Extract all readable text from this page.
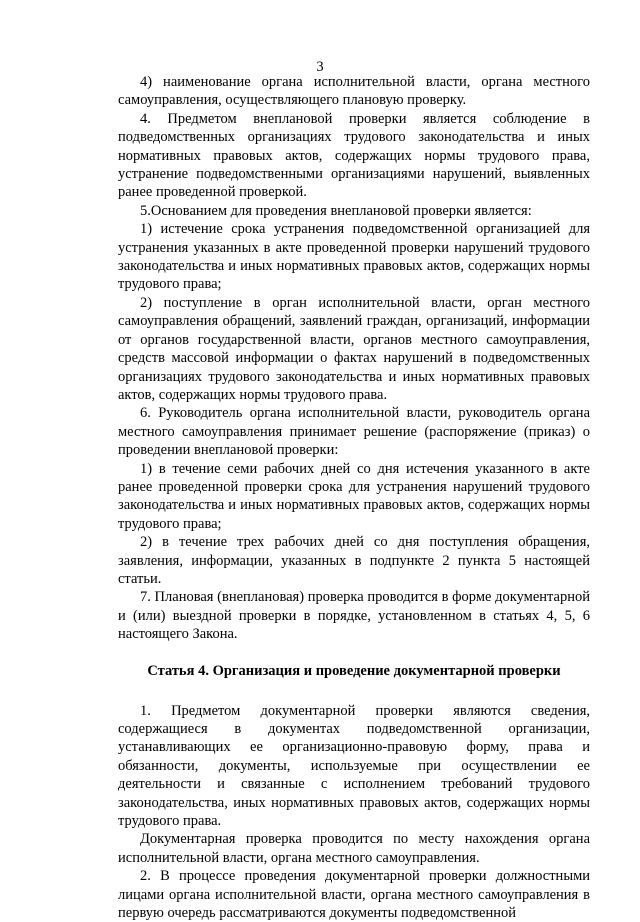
3

4) наименование органа исполнительной власти, органа местного самоуправления, осуществляющего плановую проверку.

4. Предметом внеплановой проверки является соблюдение в подведомственных организациях трудового законодательства и иных нормативных правовых актов, содержащих нормы трудового права, устранение подведомственными организациями нарушений, выявленных ранее проведенной проверкой.

5.Основанием для проведения внеплановой проверки является:

1) истечение срока устранения подведомственной организацией для устранения указанных в акте проведенной проверки нарушений трудового законодательства и иных нормативных правовых актов, содержащих нормы трудового права;

2) поступление в орган исполнительной власти, орган местного самоуправления обращений, заявлений граждан, организаций, информации от органов государственной власти, органов местного самоуправления, средств массовой информации о фактах нарушений в подведомственных организациях трудового законодательства и иных нормативных правовых актов, содержащих нормы трудового права.

6. Руководитель органа исполнительной власти, руководитель органа местного самоуправления принимает решение (распоряжение (приказ) о проведении внеплановой проверки:

1) в течение семи рабочих дней со дня истечения указанного в акте ранее проведенной проверки срока для устранения нарушений трудового законодательства и иных нормативных правовых актов, содержащих нормы трудового права;

2) в течение трех рабочих дней со дня поступления обращения, заявления, информации, указанных в подпункте 2 пункта 5 настоящей статьи.

7. Плановая (внеплановая) проверка проводится в форме документарной и (или) выездной проверки в порядке, установленном в статьях 4, 5, 6 настоящего Закона.

Статья 4. Организация и проведение документарной проверки

1. Предметом документарной проверки являются сведения, содержащиеся в документах подведомственной организации, устанавливающих ее организационно-правовую форму, права и обязанности, документы, используемые при осуществлении ее деятельности и связанные с исполнением требований трудового законодательства, иных нормативных правовых актов, содержащих нормы трудового права.

Документарная проверка проводится по месту нахождения органа исполнительной власти, органа местного самоуправления.

2. В процессе проведения документарной проверки должностными лицами органа исполнительной власти, органа местного самоуправления в первую очередь рассматриваются документы подведомственной
